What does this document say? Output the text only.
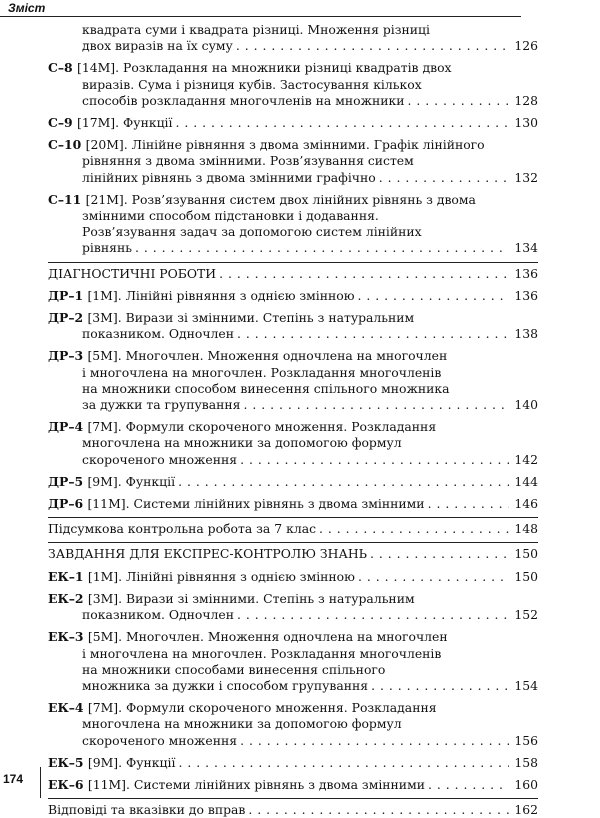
Зміст
квадрата суми і квадрата різниці. Множення різниці
двох виразів на їх суму . . .	126
С–8 [14М]. Розкладання на множники різниці квадратів двох
виразів. Сума і різниця кубів. Застосування кількох
способів розкладання многочленів на множники . . .	128
С–9 [17М]. Функції . . .	130
С–10 [20М]. Лінійне рівняння з двома змінними. Графік лінійного
рівняння з двома змінними. Розв’язування систем
лінійних рівнянь з двома змінними графічно . . .	132
С–11 [21М]. Розв’язування систем двох лінійних рівнянь з двома
змінними способом підстановки і додавання.
Розв’язування задач за допомогою систем лінійних
рівнянь . . .	134
ДІАГНОСТИЧНІ РОБОТИ . . .	136
ДР–1 [1М]. Лінійні рівняння з однією змінною . . .	136
ДР–2 [3М]. Вирази зі змінними. Степінь з натуральним
показником. Одночлен . . .	138
ДР–3 [5М]. Многочлен. Множення одночлена на многочлен
і многочлена на многочлен. Розкладання многочленів
на множники способом винесення спільного множника
за дужки та групування . . .	140
ДР–4 [7М]. Формули скороченого множення. Розкладання
многочлена на множники за допомогою формул
скороченого множення . . .	142
ДР–5 [9М]. Функції . . .	144
ДР–6 [11М]. Системи лінійних рівнянь з двома змінними . . .	146
Підсумкова контрольна робота за 7 клас . . .	148
ЗАВДАННЯ ДЛЯ ЕКСПРЕС-КОНТРОЛЮ ЗНАНЬ . . .	150
ЕК–1 [1М]. Лінійні рівняння з однією змінною . . .	150
ЕК–2 [3М]. Вирази зі змінними. Степінь з натуральним
показником. Одночлен . . .	152
ЕК–3 [5М]. Многочлен. Множення одночлена на многочлен
і многочлена на многочлен. Розкладання многочленів
на множники способами винесення спільного
множника за дужки і способом групування . . .	154
ЕК–4 [7М]. Формули скороченого множення. Розкладання
многочлена на множники за допомогою формул
скороченого множення . . .	156
ЕК–5 [9М]. Функції . . .	158
ЕК–6 [11М]. Системи лінійних рівнянь з двома змінними . . .	160
Відповіді та вказівки до вправ . . .	162
174
